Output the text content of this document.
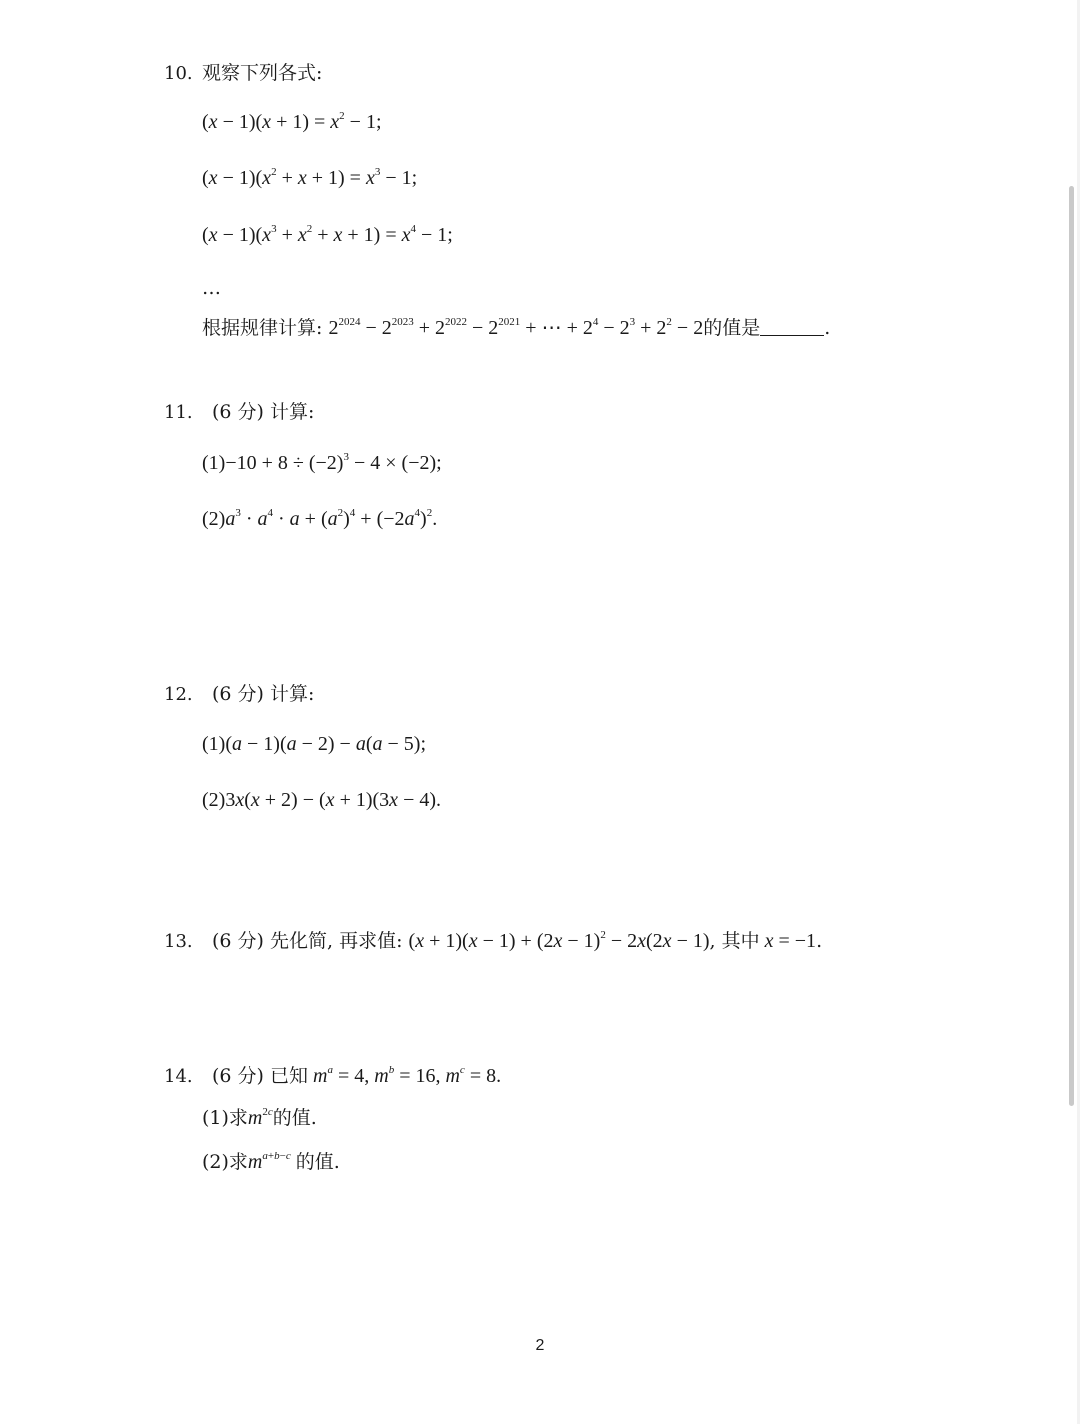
10. 观察下列各式:
$(x - 1)(x + 1) = x^2 - 1$;
$(x - 1)(x^2 + x + 1) = x^3 - 1$;
$(x - 1)(x^3 + x^2 + x + 1) = x^4 - 1$;
…
根据规律计算: $2^{2024} - 2^{2023} + 2^{2022} - 2^{2021}$ + ⋯ + $2^4 - 2^3 + 2^2 - 2$的值是	.
11. (6 分) 计算:
$(1)-10 + 8 \div (-2)^3 - 4 \times (-2)$;
$(2)a^3 \cdot a^4 \cdot a + (a^2)^4 + (-2a^4)^2$.
12. (6 分) 计算:
(1)(a − 1)(a − 2) − a(a − 5);
(2)3x(x + 2) − (x + 1)(3x − 4).
13. (6 分) 先化简, 再求值: $(x + 1)(x - 1) + (2x - 1)^2 - 2x(2x - 1)$, 其中 x = −1.
14. (6 分) 已知 $m^a = 4$, $m^b = 16$, $m^c = 8$.
(1)求$m^{2c}$的值.
(2)求$m^{a+b-c}$ 的值.
2
